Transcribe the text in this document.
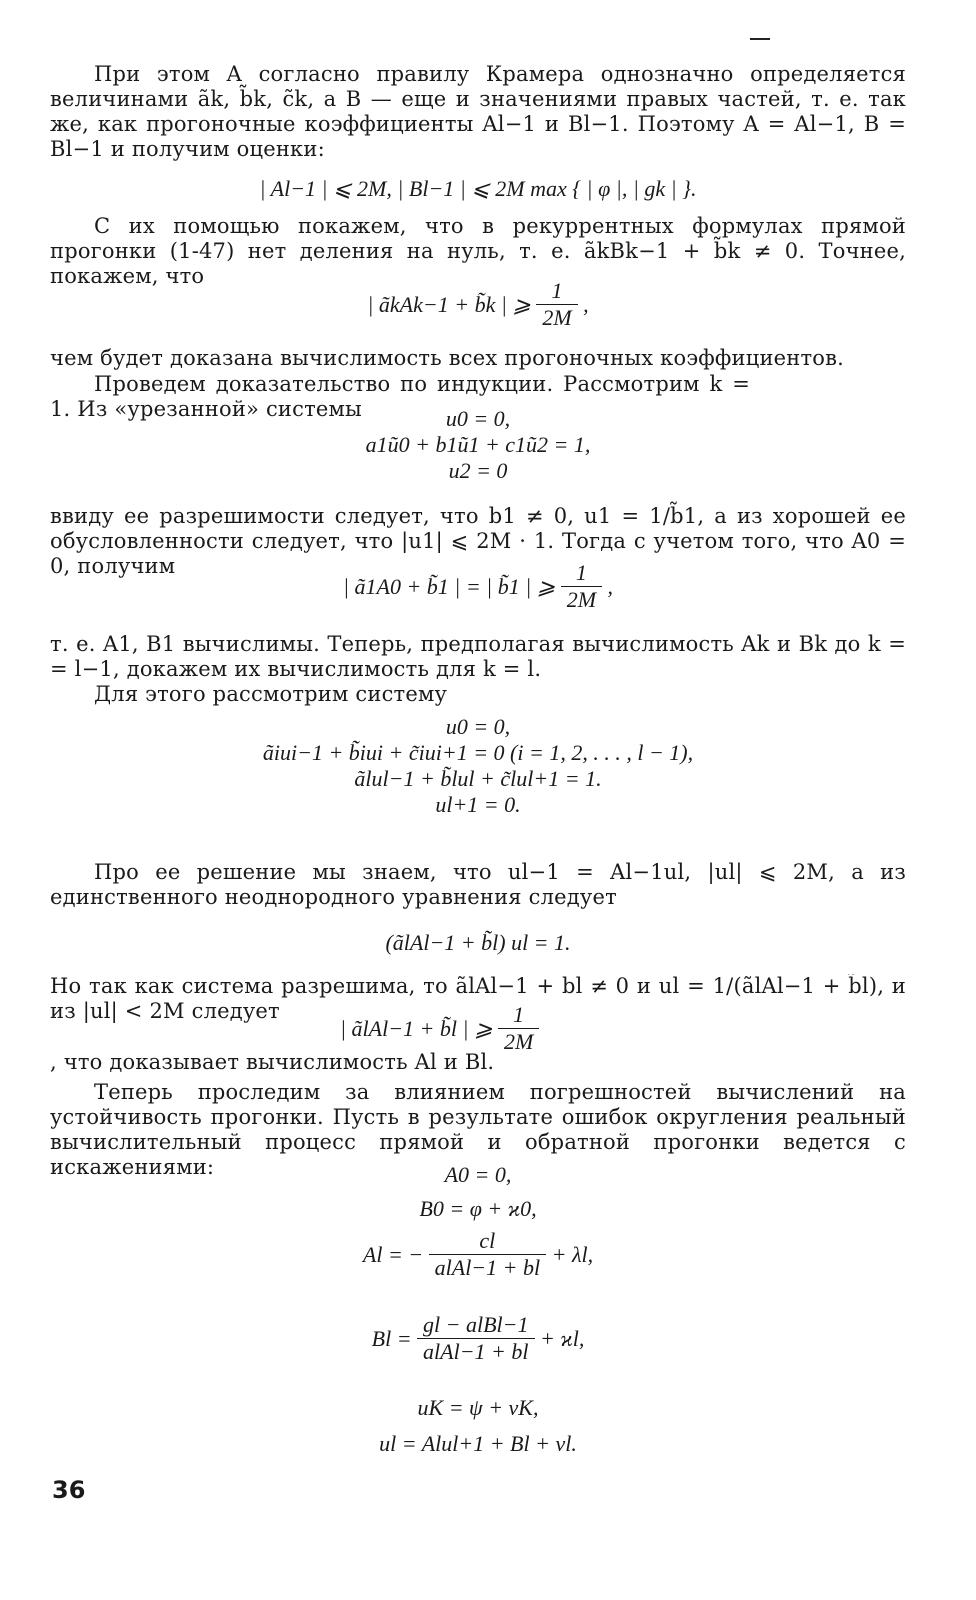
При этом A согласно правилу Крамера однозначно определяется величинами ãk, b̃k, c̃k, а B — еще и значениями правых частей, т. е. так же, как прогоночные коэффициенты Al−1 и Bl−1. Поэтому A = Al−1, B = Bl−1 и получим оценки:

| Al−1 | ⩽ 2M, | Bl−1 | ⩽ 2M max { | φ |, | gk | }.

С их помощью покажем, что в рекуррентных формулах прямой прогонки (1-47) нет деления на нуль, т. е. ãkBk−1 + b̃k ≠ 0. Точнее, покажем, что

| ãkAk−1 + b̃k | ⩾ $\frac{1}{2M}$ ,

чем будет доказана вычислимость всех прогоночных коэффициентов.

Проведем доказательство по индукции. Рассмотрим k = 1. Из «урезанной» системы	u0 = 0,
a1ũ0 + b1ũ1 + c1ũ2 = 1,
u2 = 0

ввиду ее разрешимости следует, что b1 ≠ 0, u1 = 1/b̃1, а из хорошей ее обусловленности следует, что |u1| ⩽ 2M · 1. Тогда с учетом того, что A0 = 0, получим

| ã1A0 + b̃1 | = | b̃1 | ⩾ $\frac{1}{2M}$ ,

т. е. A1, B1 вычислимы. Теперь, предполагая вычислимость Ak и Bk до k = = l−1, докажем их вычислимость для k = l.

Для этого рассмотрим систему

u0 = 0,
ãiui−1 + b̃iui + c̃iui+1 = 0 (i = 1, 2, . . . , l − 1),
ãlul−1 + b̃lul + c̃lul+1 = 1.
ul+1 = 0.

Про ее решение мы знаем, что ul−1 = Al−1ul, |ul| ⩽ 2M, а из единственного неоднородного уравнения следует

(ãlAl−1 + b̃l) ul = 1.

Но так как система разрешима, то ãlAl−1 + bl ≠ 0 и ul = 1/(ãlAl−1 + b̃l), и из |ul| < 2M следует

| ãlAl−1 + b̃l | ⩾ $\frac{1}{2M}$

, что доказывает вычислимость Al и Bl.

Теперь проследим за влиянием погрешностей вычислений на устойчивость прогонки. Пусть в результате ошибок округления реальный вычислительный процесс прямой и обратной прогонки ведется с искажениями:	A0 = 0,
B0 = φ + ϰ0,
Al = − $\frac{cl}{\text{alAl−1 + bl}} + \lambda l$,
$Bl = \frac{\text{gl − alBl−1}}{\text{alAl−1 + bl}} + ϰl$,
uK = ψ + νK,
ul = Alul+1 + Bl + νl.
36
